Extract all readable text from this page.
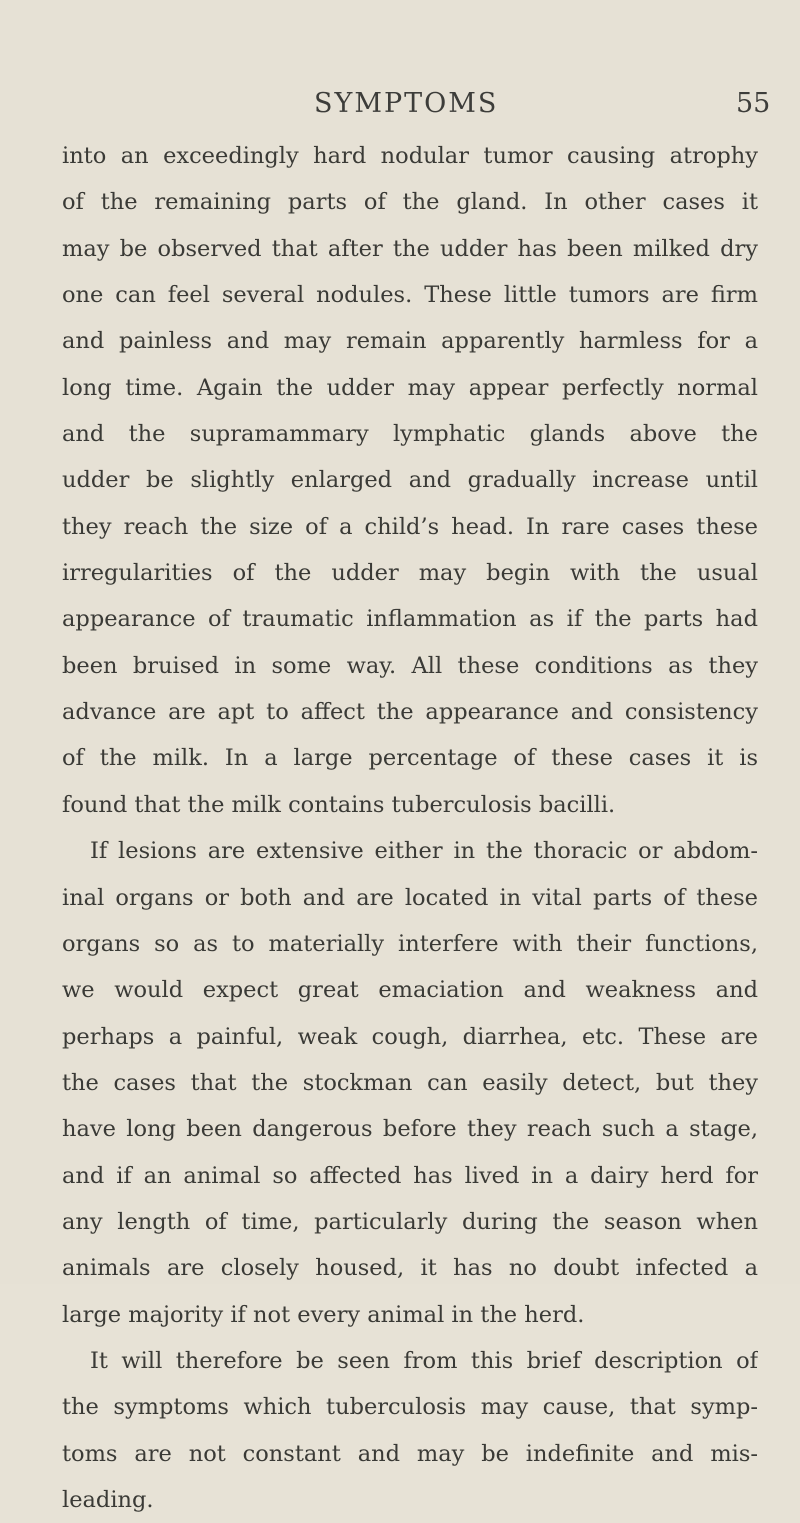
SYMPTOMS	55
into an exceedingly hard nodular tumor causing atrophy
of the remaining parts of the gland. In other cases it
may be observed that after the udder has been milked dry
one can feel several nodules. These little tumors are firm
and painless and may remain apparently harmless for a
long time. Again the udder may appear perfectly normal
and the supramammary lymphatic glands above the
udder be slightly enlarged and gradually increase until
they reach the size of a child’s head. In rare cases these
irregularities of the udder may begin with the usual
appearance of traumatic inflammation as if the parts had
been bruised in some way. All these conditions as they
advance are apt to affect the appearance and consistency
of the milk. In a large percentage of these cases it is
found that the milk contains tuberculosis bacilli.
If lesions are extensive either in the thoracic or abdom-
inal organs or both and are located in vital parts of these
organs so as to materially interfere with their functions,
we would expect great emaciation and weakness and
perhaps a painful, weak cough, diarrhea, etc. These are
the cases that the stockman can easily detect, but they
have long been dangerous before they reach such a stage,
and if an animal so affected has lived in a dairy herd for
any length of time, particularly during the season when
animals are closely housed, it has no doubt infected a
large majority if not every animal in the herd.
It will therefore be seen from this brief description of
the symptoms which tuberculosis may cause, that symp-
toms are not constant and may be indefinite and mis-
leading.
